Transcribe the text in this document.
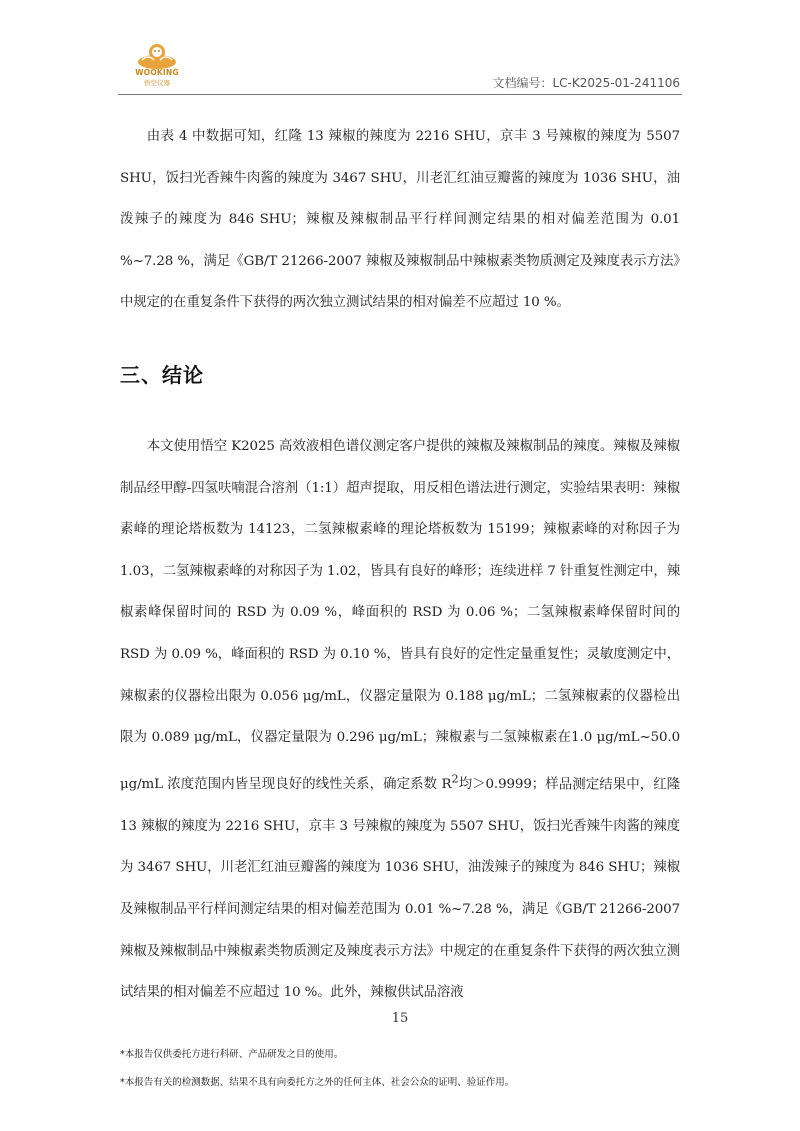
WOOKING
悟空仪器	文档编号：LC-K2025-01-241106

由表 4 中数据可知，红隆 13 辣椒的辣度为 2216 SHU，京丰 3 号辣椒的辣度为 5507 SHU，饭扫光香辣牛肉酱的辣度为 3467 SHU，川老汇红油豆瓣酱的辣度为 1036 SHU，油泼辣子的辣度为 846 SHU；辣椒及辣椒制品平行样间测定结果的相对偏差范围为 0.01 %~7.28 %，满足《GB/T 21266-2007 辣椒及辣椒制品中辣椒素类物质测定及辣度表示方法》中规定的在重复条件下获得的两次独立测试结果的相对偏差不应超过 10 %。

三、结论

本文使用悟空 K2025 高效液相色谱仪测定客户提供的辣椒及辣椒制品的辣度。辣椒及辣椒制品经甲醇-四氢呋喃混合溶剂（1:1）超声提取，用反相色谱法进行测定，实验结果表明：辣椒素峰的理论塔板数为 14123，二氢辣椒素峰的理论塔板数为 15199；辣椒素峰的对称因子为 1.03，二氢辣椒素峰的对称因子为 1.02，皆具有良好的峰形；连续进样 7 针重复性测定中，辣椒素峰保留时间的 RSD 为 0.09 %，峰面积的 RSD 为 0.06 %；二氢辣椒素峰保留时间的 RSD 为 0.09 %，峰面积的 RSD 为 0.10 %，皆具有良好的定性定量重复性；灵敏度测定中，辣椒素的仪器检出限为 0.056 μg/mL，仪器定量限为 0.188 μg/mL；二氢辣椒素的仪器检出限为 0.089 μg/mL，仪器定量限为 0.296 μg/mL；辣椒素与二氢辣椒素在1.0 μg/mL~50.0 μg/mL 浓度范围内皆呈现良好的线性关系，确定系数 $R^2$均＞0.9999；样品测定结果中，红隆 13 辣椒的辣度为 2216 SHU，京丰 3 号辣椒的辣度为 5507 SHU，饭扫光香辣牛肉酱的辣度为 3467 SHU，川老汇红油豆瓣酱的辣度为 1036 SHU，油泼辣子的辣度为 846 SHU；辣椒及辣椒制品平行样间测定结果的相对偏差范围为 0.01 %~7.28 %，满足《GB/T 21266-2007 辣椒及辣椒制品中辣椒素类物质测定及辣度表示方法》中规定的在重复条件下获得的两次独立测试结果的相对偏差不应超过 10 %。此外，辣椒供试品溶液

15
*本报告仅供委托方进行科研、产品研发之目的使用。
*本报告有关的检测数据、结果不具有向委托方之外的任何主体、社会公众的证明、验证作用。
